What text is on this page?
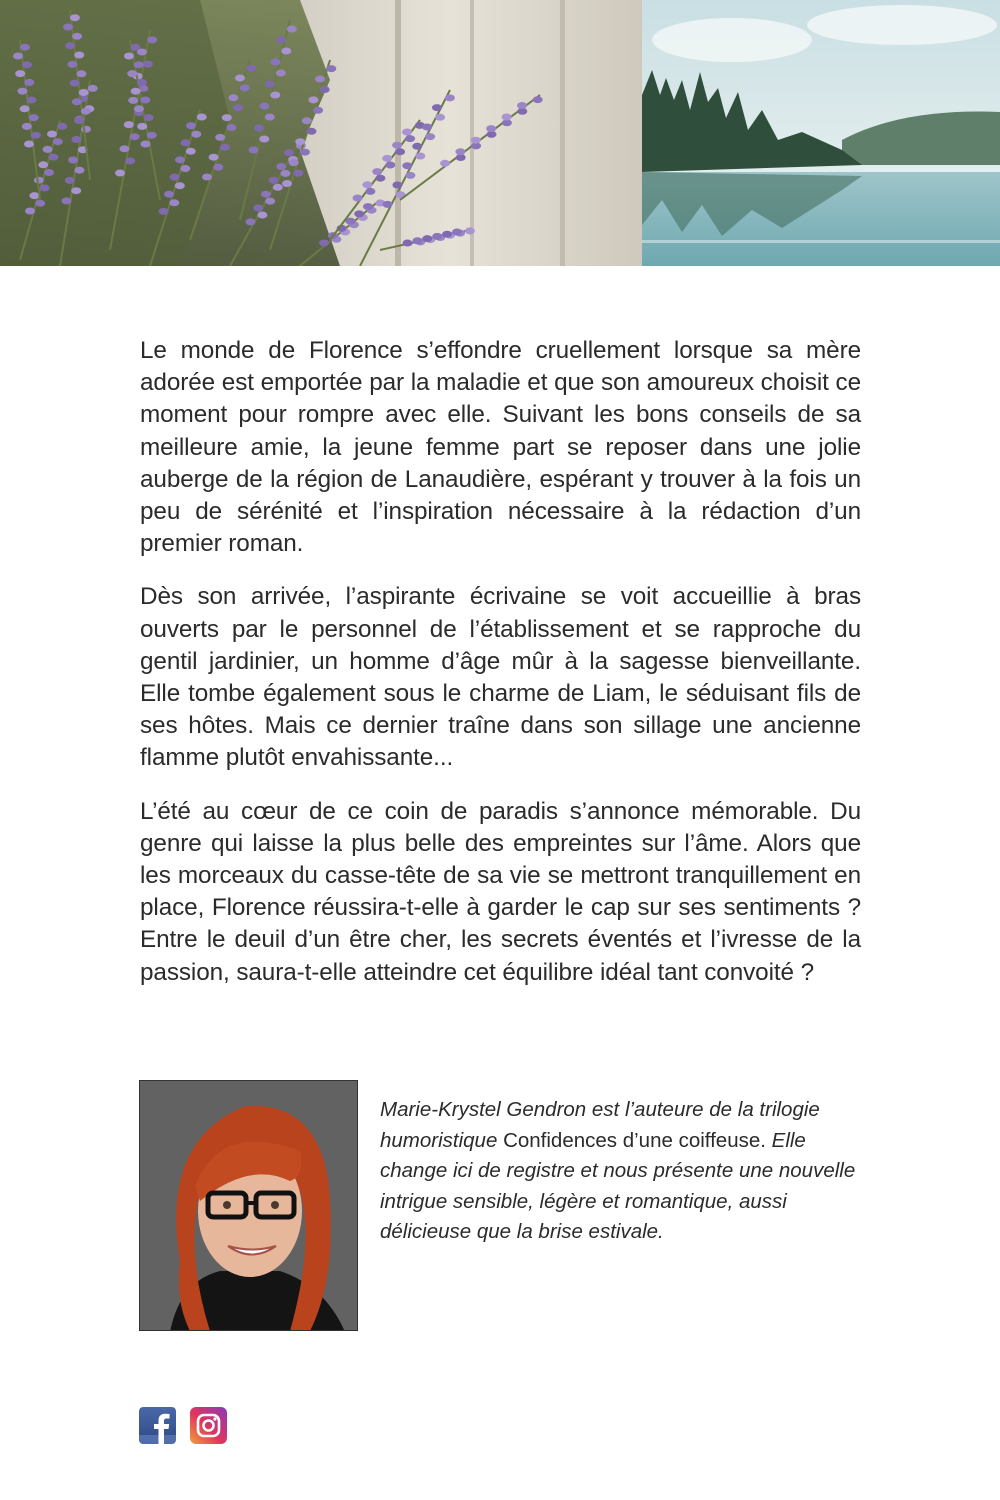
Le monde de Florence s’effondre cruellement lorsque sa mère adorée est emportée par la maladie et que son amoureux choisit ce moment pour rompre avec elle. Suivant les bons conseils de sa meilleure amie, la jeune femme part se reposer dans une jolie auberge de la région de Lanaudière, espérant y trouver à la fois un peu de sérénité et l’inspiration nécessaire à la rédaction d’un premier roman.

Dès son arrivée, l’aspirante écrivaine se voit accueillie à bras ouverts par le personnel de l’établissement et se rapproche du gentil jardinier, un homme d’âge mûr à la sagesse bienveillante. Elle tombe également sous le charme de Liam, le séduisant fils de ses hôtes. Mais ce dernier traîne dans son sillage une ancienne flamme plutôt envahissante...

L’été au cœur de ce coin de paradis s’annonce mémorable. Du genre qui laisse la plus belle des empreintes sur l’âme. Alors que les morceaux du casse-tête de sa vie se mettront tranquillement en place, Florence réussira-t-elle à garder le cap sur ses sentiments ? Entre le deuil d’un être cher, les secrets éventés et l’ivresse de la passion, saura-t-elle atteindre cet équilibre idéal tant convoité ?

Marie-Krystel Gendron est l’auteure de la trilogie humoristique Confidences d’une coiffeuse. Elle change ici de registre et nous présente une nouvelle intrigue sensible, légère et romantique, aussi délicieuse que la brise estivale.
